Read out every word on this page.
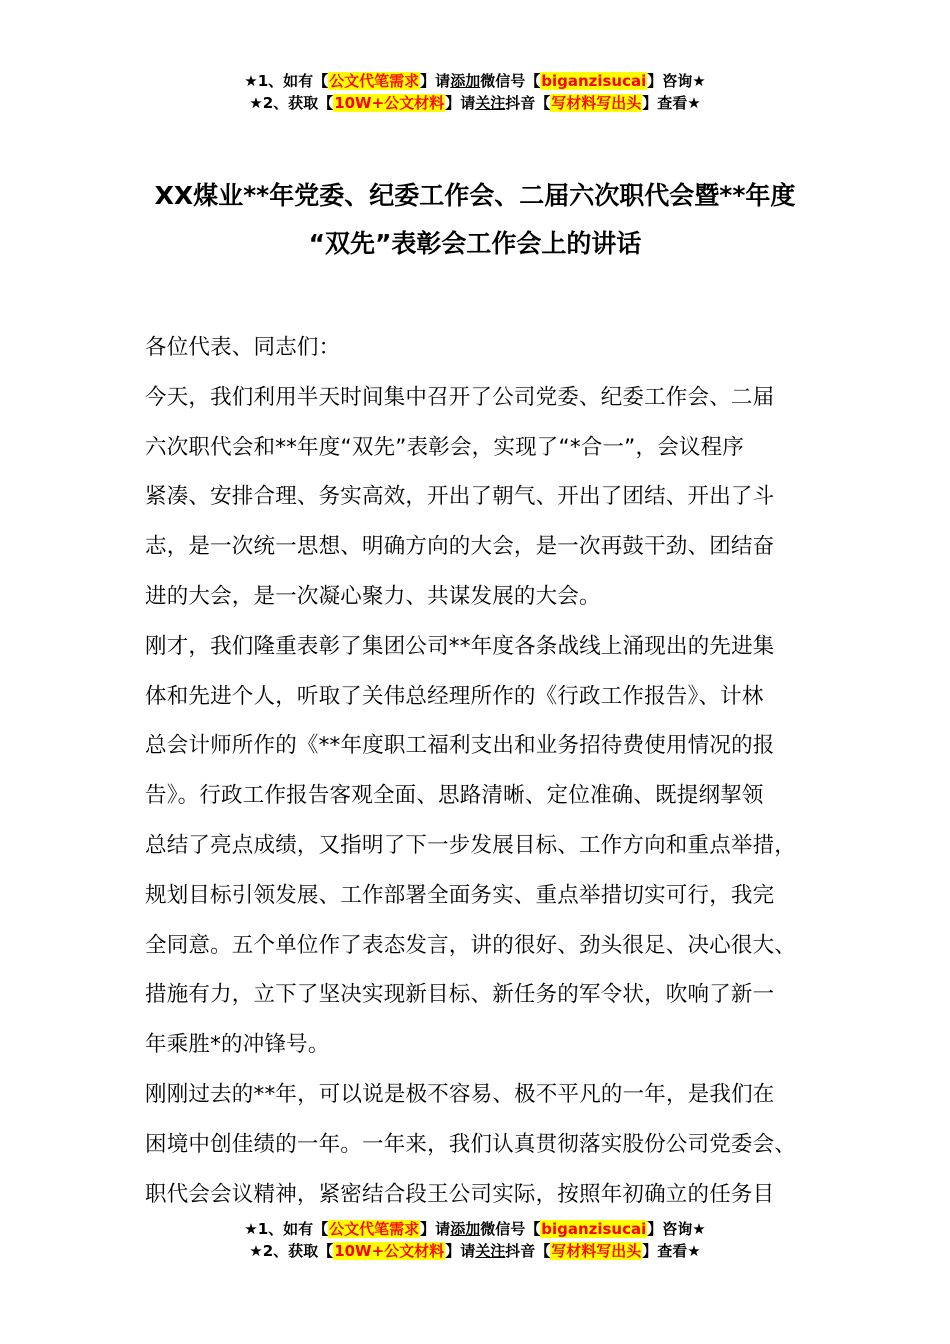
★1、如有【公文代笔需求】请添加微信号【biganzisucai】咨询★
★2、获取【10W+公文材料】请关注抖音【写材料写出头】查看★
XX煤业**年党委、纪委工作会、二届六次职代会暨**年度
“双先”表彰会工作会上的讲话

各位代表、同志们：

今天，我们利用半天时间集中召开了公司党委、纪委工作会、二届
六次职代会和**年度“双先”表彰会，实现了“*合一”，会议程序
紧凑、安排合理、务实高效，开出了朝气、开出了团结、开出了斗
志，是一次统一思想、明确方向的大会，是一次再鼓干劲、团结奋
进的大会，是一次凝心聚力、共谋发展的大会。

刚才，我们隆重表彰了集团公司**年度各条战线上涌现出的先进集
体和先进个人，听取了关伟总经理所作的《行政工作报告》、计林
总会计师所作的《**年度职工福利支出和业务招待费使用情况的报
告》。行政工作报告客观全面、思路清晰、定位准确、既提纲挈领
总结了亮点成绩，又指明了下一步发展目标、工作方向和重点举措，
规划目标引领发展、工作部署全面务实、重点举措切实可行，我完
全同意。五个单位作了表态发言，讲的很好、劲头很足、决心很大、
措施有力，立下了坚决实现新目标、新任务的军令状，吹响了新一
年乘胜*的冲锋号。

刚刚过去的**年，可以说是极不容易、极不平凡的一年，是我们在
困境中创佳绩的一年。一年来，我们认真贯彻落实股份公司党委会、
职代会会议精神，紧密结合段王公司实际，按照年初确立的任务目

★1、如有【公文代笔需求】请添加微信号【biganzisucai】咨询★
★2、获取【10W+公文材料】请关注抖音【写材料写出头】查看★
